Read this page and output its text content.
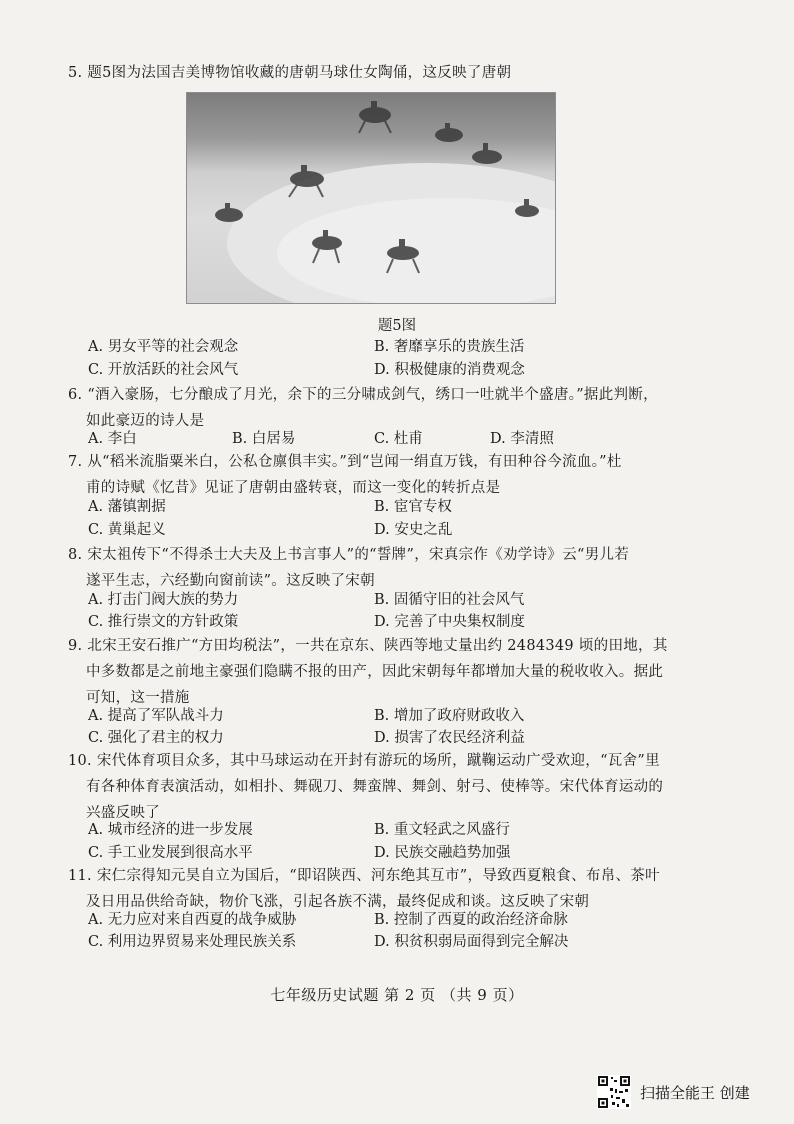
5. 题5图为法国吉美博物馆收藏的唐朝马球仕女陶俑，这反映了唐朝
题5图
A. 男女平等的社会观念	B. 奢靡享乐的贵族生活
C. 开放活跃的社会风气	D. 积极健康的消费观念
6. “酒入豪肠，七分酿成了月光，余下的三分啸成剑气，绣口一吐就半个盛唐。”据此判断，
如此豪迈的诗人是
A. 李白	B. 白居易	C. 杜甫	D. 李清照
7. 从“稻米流脂粟米白，公私仓廪俱丰实。”到“岂闻一绢直万钱，有田种谷今流血。”杜
甫的诗赋《忆昔》见证了唐朝由盛转衰，而这一变化的转折点是
A. 藩镇割据	B. 宦官专权
C. 黄巢起义	D. 安史之乱
8. 宋太祖传下“不得杀士大夫及上书言事人”的“誓牌”，宋真宗作《劝学诗》云“男儿若
遂平生志，六经勤向窗前读”。这反映了宋朝
A. 打击门阀大族的势力	B. 固循守旧的社会风气
C. 推行崇文的方针政策	D. 完善了中央集权制度
9. 北宋王安石推广“方田均税法”，一共在京东、陕西等地丈量出约 2484349 顷的田地，其
中多数都是之前地主豪强们隐瞒不报的田产，因此宋朝每年都增加大量的税收收入。据此
可知，这一措施
A. 提高了军队战斗力	B. 增加了政府财政收入
C. 强化了君主的权力	D. 损害了农民经济利益
10. 宋代体育项目众多，其中马球运动在开封有游玩的场所，蹴鞠运动广受欢迎，“瓦舍”里
有各种体育表演活动，如相扑、舞砚刀、舞蛮牌、舞剑、射弓、使棒等。宋代体育运动的
兴盛反映了
A. 城市经济的进一步发展	B. 重文轻武之风盛行
C. 手工业发展到很高水平	D. 民族交融趋势加强
11. 宋仁宗得知元昊自立为国后，“即诏陕西、河东绝其互市”，导致西夏粮食、布帛、茶叶
及日用品供给奇缺，物价飞涨，引起各族不满，最终促成和谈。这反映了宋朝
A. 无力应对来自西夏的战争威胁	B. 控制了西夏的政治经济命脉
C. 利用边界贸易来处理民族关系	D. 积贫积弱局面得到完全解决
七年级历史试题 第 2 页 （共 9 页）
扫描全能王 创建
